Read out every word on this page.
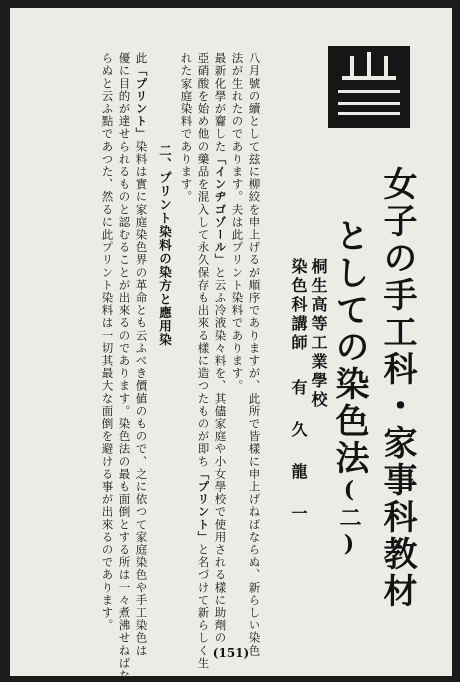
女子の手工科・家事科教材
としての染色法(二)
桐生高等工業學校
染色科講師有久龍一
八月號の續として玆に柳絞を申上げるが順序でありますが、此所で皆樣に申上げねばならぬ、新らしい染色
法が生れたのであります。夫は此プリント染料であります。
最新化學が齎した「インヂゴゾール」と云ふ冷液染々料を、其儘家庭や小女學校で使用される樣に助劑の
亞硝酸を始め他の藥品を混入して永久保存も出來る樣に造つたものが即ち「プリント」と名づけて新らしく生
れた家庭染料であります。
二、プリント染料の染方と應用染
此「プリント」染料は實に家庭染色界の革命とも云ふべき價値のもので、之に依つて家庭染色や手工染色は
優に目的が達せられるものと認むることが出來るのであります。染色法の最も面倒とする所は一々煮沸せねばな
らぬと云ふ點であつた、然るに此プリント染料は一切其最大な面倒を避ける事が出來るのであります。
(151)
